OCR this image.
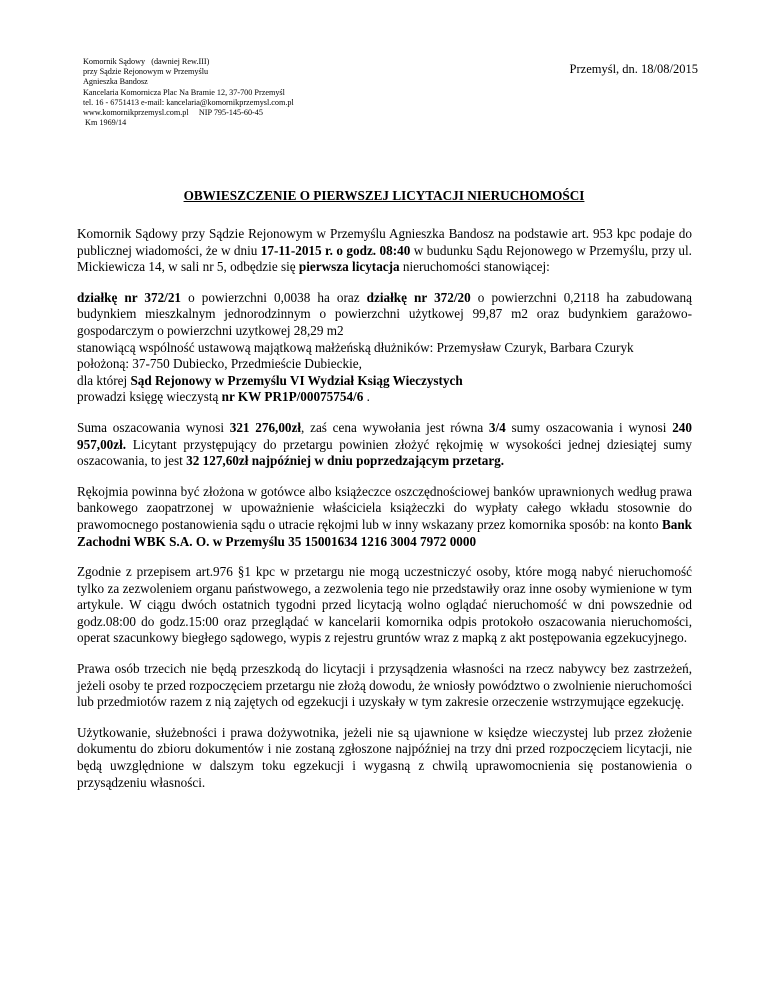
Komornik Sądowy   (dawniej Rew.III)
przy Sądzie Rejonowym w Przemyślu
Agnieszka Bandosz
Kancelaria Komornicza Plac Na Bramie 12, 37-700 Przemyśl
tel. 16 - 6751413 e-mail: kancelaria@komornikprzemysl.com.pl
www.komornikprzemysl.com.pl     NIP 795-145-60-45
Km 1969/14
Przemyśl, dn. 18/08/2015
OBWIESZCZENIE O PIERWSZEJ LICYTACJI NIERUCHOMOŚCI

Komornik Sądowy przy Sądzie Rejonowym w Przemyślu Agnieszka Bandosz na podstawie art. 953 kpc podaje do publicznej wiadomości, że w dniu 17-11-2015 r. o godz. 08:40 w budunku Sądu Rejonowego w Przemyślu, przy ul. Mickiewicza 14, w sali nr 5, odbędzie się pierwsza licytacja nieruchomości stanowiącej:

działkę nr 372/21 o powierzchni 0,0038 ha oraz działkę nr 372/20 o powierzchni 0,2118 ha zabudowaną budynkiem mieszkalnym jednorodzinnym o powierzchni użytkowej 99,87 m2 oraz budynkiem garażowo-gospodarczym o powierzchni uzytkowej 28,29 m2

stanowiącą wspólność ustawową majątkową małżeńską dłużników: Przemysław Czuryk, Barbara Czuryk

położoną: 37-750 Dubiecko, Przedmieście Dubieckie,

dla której Sąd Rejonowy w Przemyślu VI Wydział Ksiąg Wieczystych

prowadzi księgę wieczystą nr KW PR1P/00075754/6 .

Suma oszacowania wynosi 321 276,00zł, zaś cena wywołania jest równa 3/4 sumy oszacowania i wynosi 240 957,00zł. Licytant przystępujący do przetargu powinien złożyć rękojmię w wysokości jednej dziesiątej sumy oszacowania, to jest 32 127,60zł najpóźniej w dniu poprzedzającym przetarg.

Rękojmia powinna być złożona w gotówce albo książeczce oszczędnościowej banków uprawnionych według prawa bankowego zaopatrzonej w upoważnienie właściciela książeczki do wypłaty całego wkładu stosownie do prawomocnego postanowienia sądu o utracie rękojmi lub w inny wskazany przez komornika sposób: na konto Bank Zachodni WBK S.A. O. w Przemyślu 35 15001634 1216 3004 7972 0000

Zgodnie z przepisem art.976 §1 kpc w przetargu nie mogą uczestniczyć osoby, które mogą nabyć nieruchomość tylko za zezwoleniem organu państwowego, a zezwolenia tego nie przedstawiły oraz inne osoby wymienione w tym artykule. W ciągu dwóch ostatnich tygodni przed licytacją wolno oglądać nieruchomość w dni powszednie od godz.08:00 do godz.15:00 oraz przeglądać w kancelarii komornika odpis protokoło oszacowania nieruchomości, operat szacunkowy biegłego sądowego, wypis z rejestru gruntów wraz z mapką z akt postępowania egzekucyjnego.

Prawa osób trzecich nie będą przeszkodą do licytacji i przysądzenia własności na rzecz nabywcy bez zastrzeżeń, jeżeli osoby te przed rozpoczęciem przetargu nie złożą dowodu, że wniosły powództwo o zwolnienie nieruchomości lub przedmiotów razem z nią zajętych od egzekucji i uzyskały w tym zakresie orzeczenie wstrzymujące egzekucję.

Użytkowanie, służebności i prawa dożywotnika, jeżeli nie są ujawnione w księdze wieczystej lub przez złożenie dokumentu do zbioru dokumentów i nie zostaną zgłoszone najpóźniej na trzy dni przed rozpoczęciem licytacji, nie będą uwzględnione w dalszym toku egzekucji i wygasną z chwilą uprawomocnienia się postanowienia o przysądzeniu własności.
